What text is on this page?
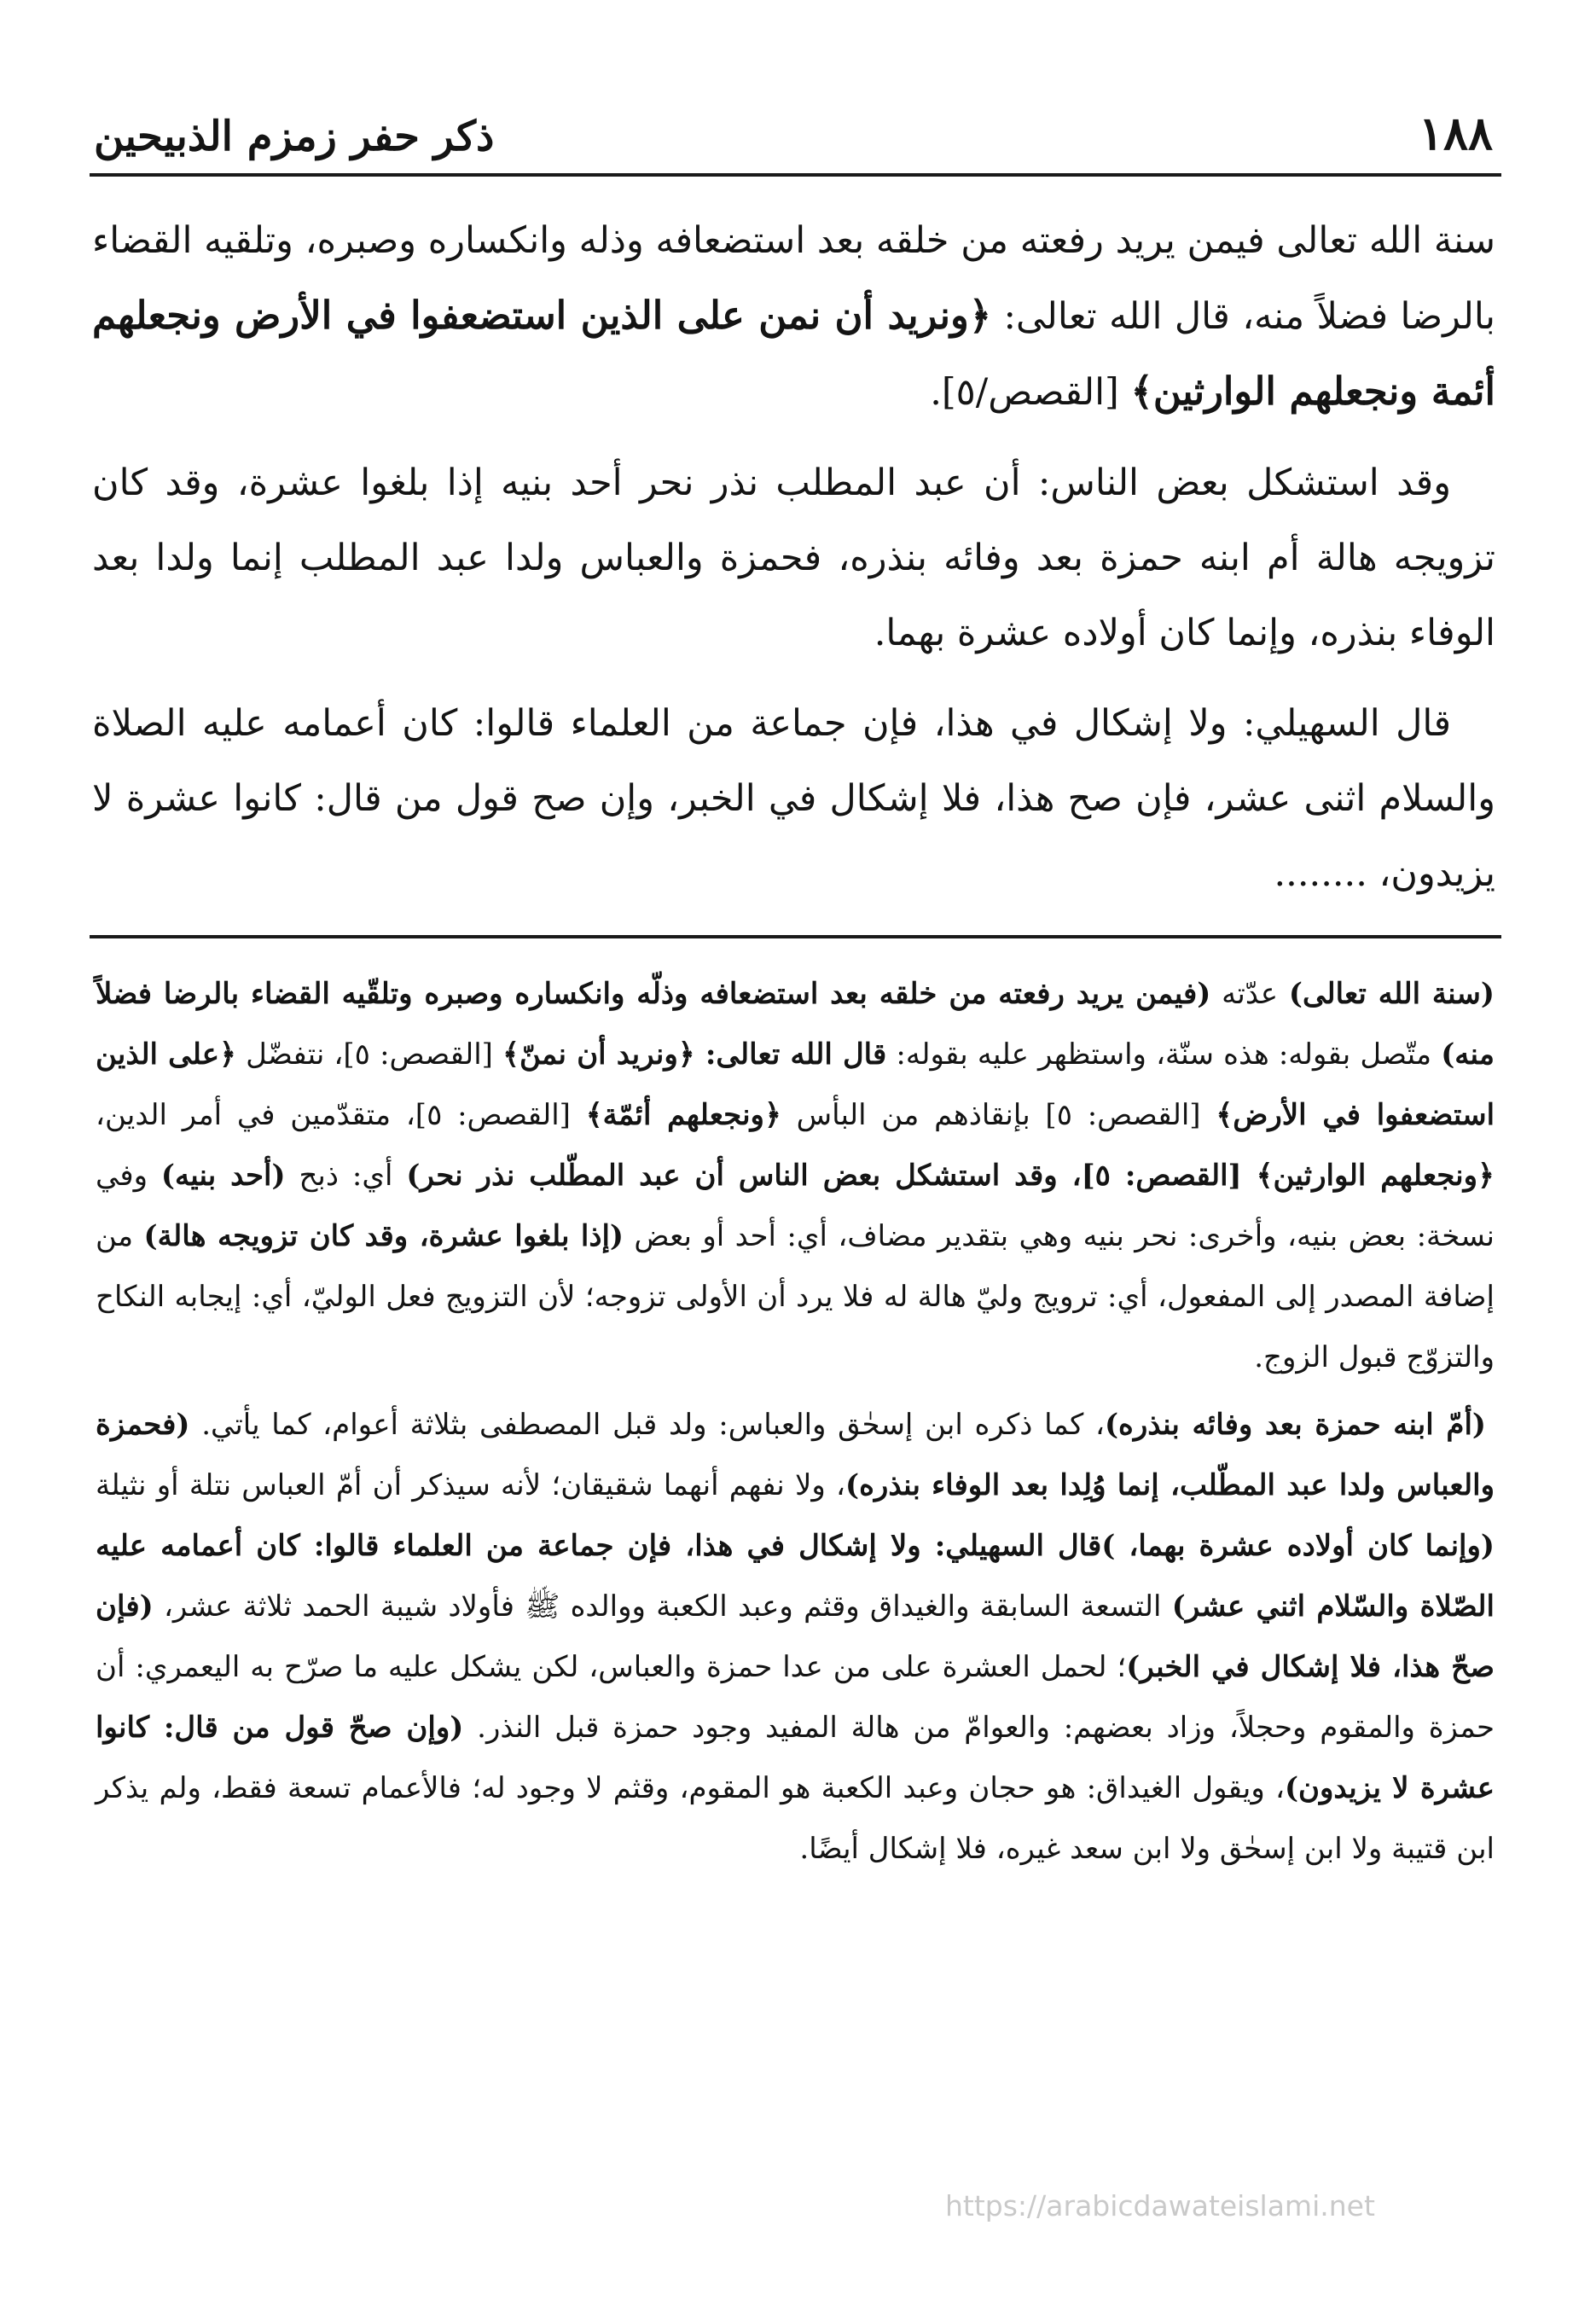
١٨٨
ذكر حفر زمزم الذبيحين

سنة الله تعالى فيمن يريد رفعته من خلقه بعد استضعافه وذله وانكساره وصبره، وتلقيه القضاء بالرضا فضلاً منه، قال الله تعالى: ﴿ونريد أن نمن على الذين استضعفوا في الأرض ونجعلهم أئمة ونجعلهم الوارثين﴾ [القصص/٥].

وقد استشكل بعض الناس: أن عبد المطلب نذر نحر أحد بنيه إذا بلغوا عشرة، وقد كان تزويجه هالة أم ابنه حمزة بعد وفائه بنذره، فحمزة والعباس ولدا عبد المطلب إنما ولدا بعد الوفاء بنذره، وإنما كان أولاده عشرة بهما.

قال السهيلي: ولا إشكال في هذا، فإن جماعة من العلماء قالوا: كان أعمامه عليه الصلاة والسلام اثنى عشر، فإن صح هذا، فلا إشكال في الخبر، وإن صح قول من قال: كانوا عشرة لا يزيدون، ........

(سنة الله تعالى) عدّته (فيمن يريد رفعته من خلقه بعد استضعافه وذلّه وانكساره وصبره وتلقّيه القضاء بالرضا فضلاً منه) متّصل بقوله: هذه سنّة، واستظهر عليه بقوله: قال الله تعالى: ﴿ونريد أن نمنّ﴾ [القصص: ٥]، نتفضّل ﴿على الذين استضعفوا في الأرض﴾ [القصص: ٥] بإنقاذهم من البأس ﴿ونجعلهم أئمّة﴾ [القصص: ٥]، متقدّمين في أمر الدين، ﴿ونجعلهم الوارثين﴾ [القصص: ٥]، وقد استشكل بعض الناس أن عبد المطّلب نذر نحر) أي: ذبح (أحد بنيه) وفي نسخة: بعض بنيه، وأخرى: نحر بنيه وهي بتقدير مضاف، أي: أحد أو بعض (إذا بلغوا عشرة، وقد كان تزويجه هالة) من إضافة المصدر إلى المفعول، أي: ترويج وليّ هالة له فلا يرد أن الأولى تزوجه؛ لأن التزويج فعل الوليّ، أي: إيجابه النكاح والتزوّج قبول الزوج.

(أمّ ابنه حمزة بعد وفائه بنذره)، كما ذكره ابن إسحٰق والعباس: ولد قبل المصطفى بثلاثة أعوام، كما يأتي. (فحمزة والعباس ولدا عبد المطّلب، إنما وُلِدا بعد الوفاء بنذره)، ولا نفهم أنهما شقيقان؛ لأنه سيذكر أن أمّ العباس نتلة أو نثيلة (وإنما كان أولاده عشرة بهما، )قال السهيلي: ولا إشكال في هذا، فإن جماعة من العلماء قالوا: كان أعمامه عليه الصّلاة والسّلام اثني عشر) التسعة السابقة والغيداق وقثم وعبد الكعبة ووالده ﷺ فأولاد شيبة الحمد ثلاثة عشر، (فإن صحّ هذا، فلا إشكال في الخبر)؛ لحمل العشرة على من عدا حمزة والعباس، لكن يشكل عليه ما صرّح به اليعمري: أن حمزة والمقوم وحجلاً، وزاد بعضهم: والعوامّ من هالة المفيد وجود حمزة قبل النذر. (وإن صحّ قول من قال: كانوا عشرة لا يزيدون)، ويقول الغيداق: هو حجان وعبد الكعبة هو المقوم، وقثم لا وجود له؛ فالأعمام تسعة فقط، ولم يذكر ابن قتيبة ولا ابن إسحٰق ولا ابن سعد غيره، فلا إشكال أيضًا.

https://arabicdawateislami.net
